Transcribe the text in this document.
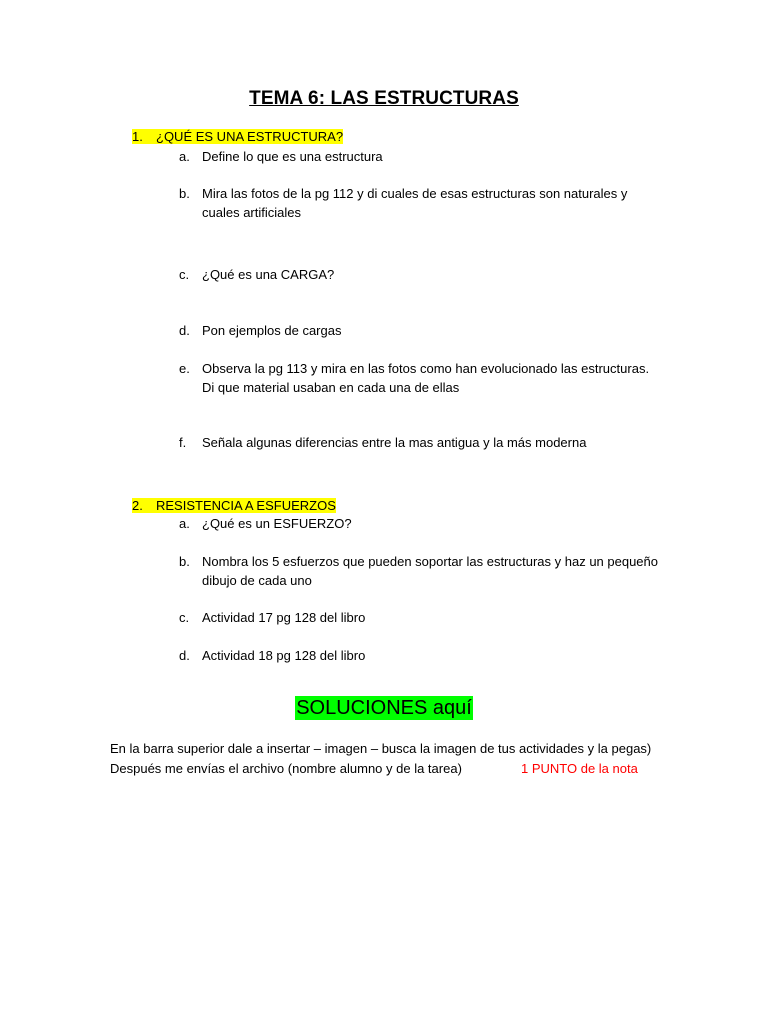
TEMA 6: LAS ESTRUCTURAS
1. ¿QUÉ ES UNA ESTRUCTURA?
a. Define lo que es una estructura
b. Mira las fotos de la pg 112 y di cuales de esas estructuras son naturales y cuales artificiales
c. ¿Qué es una CARGA?
d. Pon ejemplos de cargas
e. Observa la pg 113 y mira en las fotos como han evolucionado las estructuras. Di que material usaban en cada una de ellas
f. Señala algunas diferencias entre la mas antigua y la más moderna
2. RESISTENCIA A ESFUERZOS
a. ¿Qué es un ESFUERZO?
b. Nombra los 5 esfuerzos que pueden soportar las estructuras y haz un pequeño dibujo de cada uno
c. Actividad 17 pg 128 del libro
d. Actividad 18 pg 128 del libro
SOLUCIONES aquí
En la barra superior dale a insertar – imagen – busca la imagen de tus actividades y la pegas)
Después me envías el archivo (nombre alumno y de la tarea)	1 PUNTO de la nota
